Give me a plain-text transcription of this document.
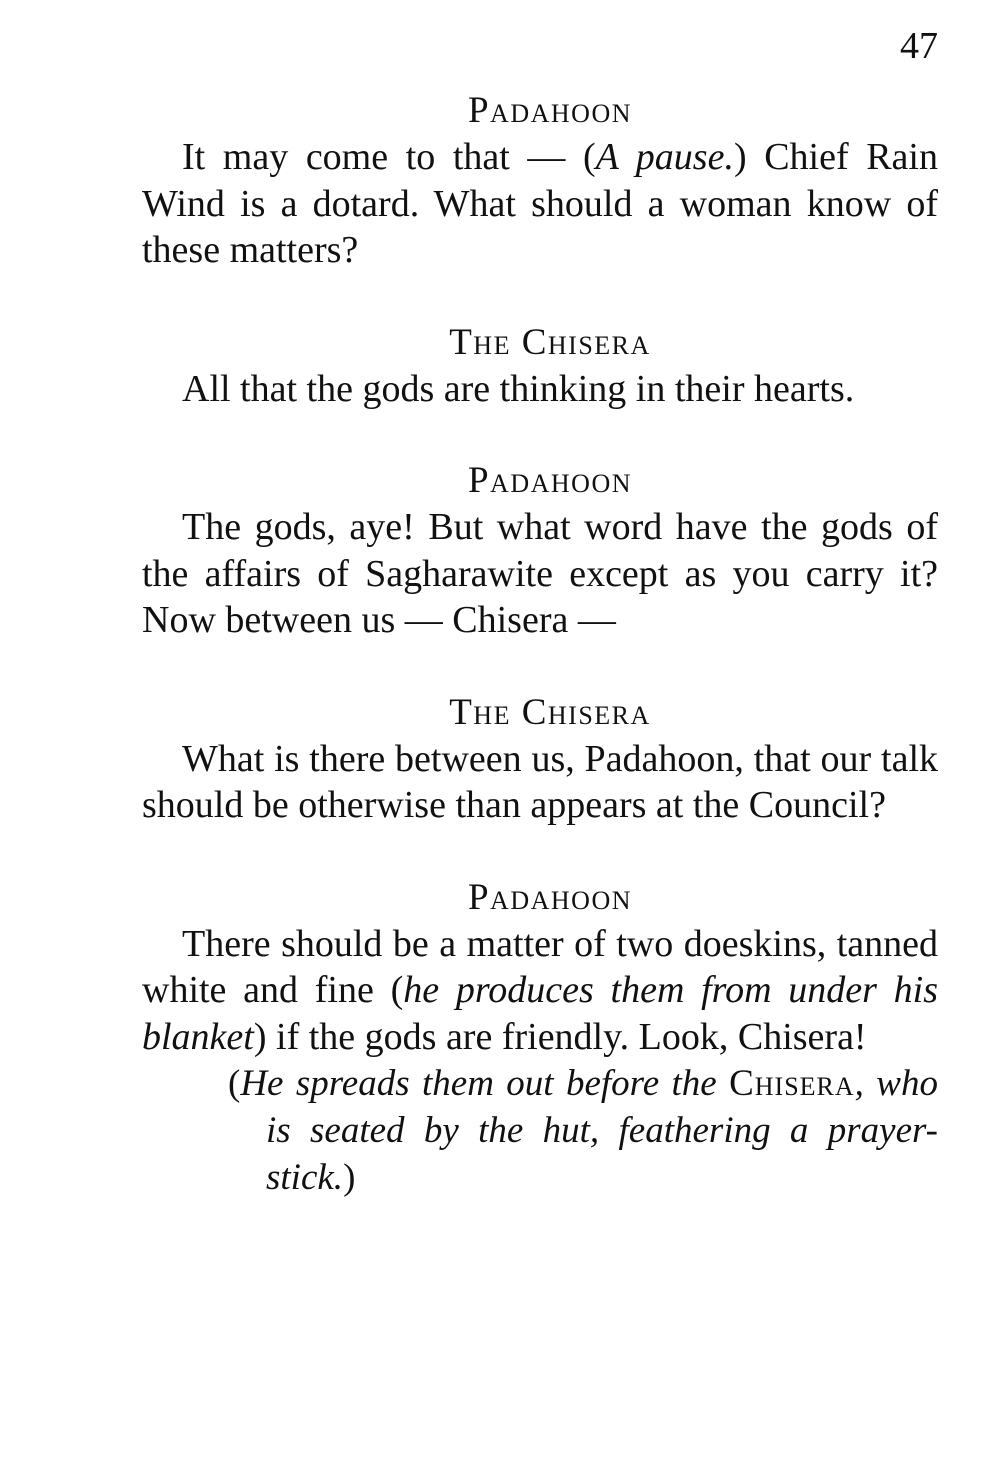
47
Padahoon

It may come to that — (A pause.) Chief Rain Wind is a dotard. What should a woman know of these matters?

The Chisera

All that the gods are thinking in their hearts.

Padahoon

The gods, aye! But what word have the gods of the affairs of Sagharawite except as you carry it? Now between us — Chisera —

The Chisera

What is there between us, Padahoon, that our talk should be otherwise than appears at the Council?

Padahoon

There should be a matter of two doeskins, tanned white and fine (he produces them from under his blanket) if the gods are friendly. Look, Chisera!

(He spreads them out before the Chisera, who is seated by the hut, feathering a prayer-stick.)
